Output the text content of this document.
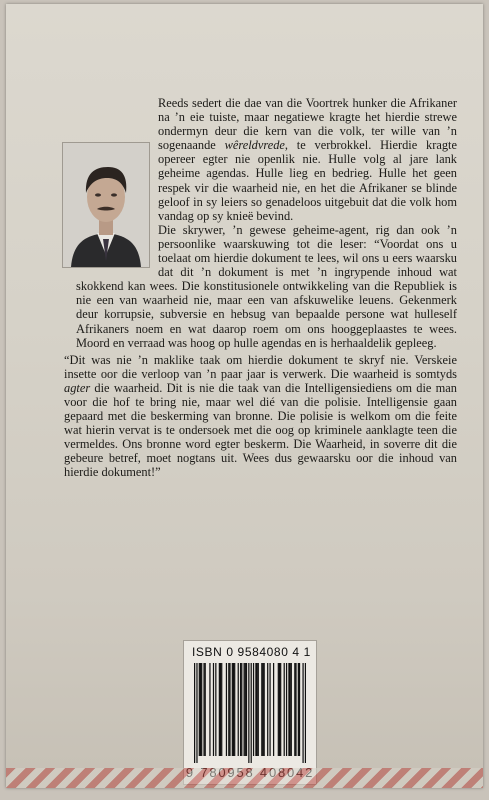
Reeds sedert die dae van die Voortrek hunker die Afrikaner na ’n eie tuiste, maar negatiewe kragte het hierdie strewe ondermyn deur die kern van die volk, ter wille van ’n sogenaande wêreldvrede, te verbrokkel. Hierdie kragte opereer egter nie openlik nie. Hulle volg al jare lank geheime agendas. Hulle lieg en bedrieg. Hulle het geen respek vir die waarheid nie, en het die Afrikaner se blinde geloof in sy leiers so genadeloos uitgebuit dat die volk hom vandag op sy knieë bevind.

Die skrywer, ’n gewese geheime-agent, rig dan ook ’n persoonlike waarskuwing tot die leser: “Voordat ons u toelaat om hierdie dokument te lees, wil ons u eers waarsku dat dit ’n dokument is met ’n ingrypende inhoud wat skokkend kan wees. Die konstitusionele ontwikkeling van die Republiek is nie een van waarheid nie, maar een van afskuwelike leuens. Gekenmerk deur korrupsie, subversie en hebsug van bepaalde persone wat hulleself Afrikaners noem en wat daarop roem om ons hooggeplaastes te wees. Moord en verraad was hoog op hulle agendas en is herhaaldelik gepleeg.

“Dit was nie ’n maklike taak om hierdie dokument te skryf nie. Verskeie insette oor die verloop van ’n paar jaar is verwerk. Die waarheid is somtyds agter die waarheid. Dit is nie die taak van die Intelligensiediens om die man voor die hof te bring nie, maar wel dié van die polisie. Intelligensie gaan gepaard met die beskerming van bronne. Die polisie is welkom om die feite wat hierin vervat is te ondersoek met die oog op kriminele aanklagte teen die vermeldes. Ons bronne word egter beskerm. Die Waarheid, in soverre dit die gebeure betref, moet nogtans uit. Wees dus gewaarsku oor die inhoud van hierdie dokument!”

ISBN 0 9584080 4 1
